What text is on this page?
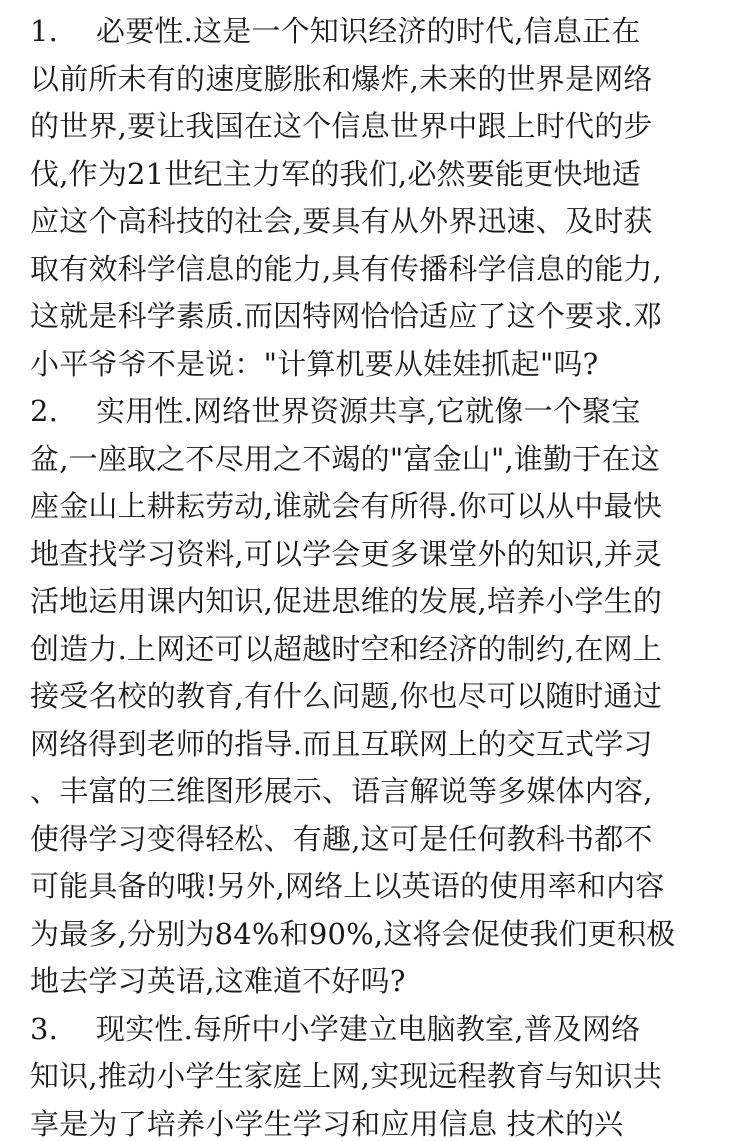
1. 必要性.这是一个知识经济的时代,信息正在
以前所未有的速度膨胀和爆炸,未来的世界是网络
的世界,要让我国在这个信息世界中跟上时代的步
伐,作为21世纪主力军的我们,必然要能更快地适
应这个高科技的社会,要具有从外界迅速、及时获
取有效科学信息的能力,具有传播科学信息的能力,
这就是科学素质.而因特网恰恰适应了这个要求.邓
小平爷爷不是说："计算机要从娃娃抓起"吗?
2. 实用性.网络世界资源共享,它就像一个聚宝
盆,一座取之不尽用之不竭的"富金山",谁勤于在这
座金山上耕耘劳动,谁就会有所得.你可以从中最快
地查找学习资料,可以学会更多课堂外的知识,并灵
活地运用课内知识,促进思维的发展,培养小学生的
创造力.上网还可以超越时空和经济的制约,在网上
接受名校的教育,有什么问题,你也尽可以随时通过
网络得到老师的指导.而且互联网上的交互式学习
、丰富的三维图形展示、语言解说等多媒体内容,
使得学习变得轻松、有趣,这可是任何教科书都不
可能具备的哦!另外,网络上以英语的使用率和内容
为最多,分别为84%和90%,这将会促使我们更积极
地去学习英语,这难道不好吗?
3. 现实性.每所中小学建立电脑教室,普及网络
知识,推动小学生家庭上网,实现远程教育与知识共
享是为了培养小学生学习和应用信息 技术的兴
